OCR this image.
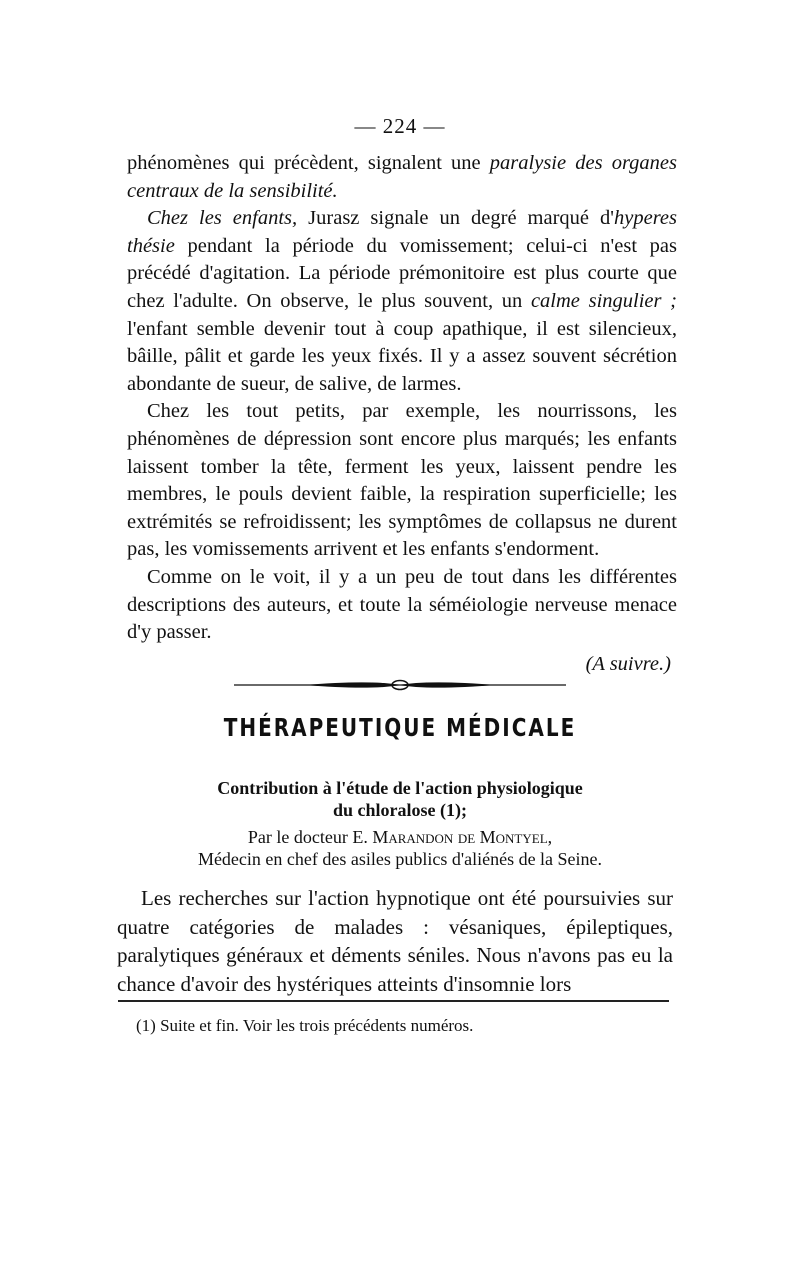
— 224 —

phénomènes qui précèdent, signalent une paralysie des organes centraux de la sensibilité.

Chez les enfants, Jurasz signale un degré marqué d'hyperes thésie pendant la période du vomissement; celui-ci n'est pas précédé d'agitation. La période prémonitoire est plus courte que chez l'adulte. On observe, le plus souvent, un calme singulier ; l'enfant semble devenir tout à coup apathique, il est silencieux, bâille, pâlit et garde les yeux fixés. Il y a assez souvent sécrétion abondante de sueur, de salive, de larmes.

Chez les tout petits, par exemple, les nourrissons, les phénomènes de dépression sont encore plus marqués; les enfants laissent tomber la tête, ferment les yeux, laissent pendre les membres, le pouls devient faible, la respiration superficielle; les extrémités se refroidissent; les symptômes de collapsus ne durent pas, les vomissements arrivent et les enfants s'endorment.

Comme on le voit, il y a un peu de tout dans les différentes descriptions des auteurs, et toute la séméiologie nerveuse menace d'y passer.

(A suivre.)

THÉRAPEUTIQUE MÉDICALE
Contribution à l'étude de l'action physiologique
du chloralose (1);
Par le docteur E. Marandon de Montyel,
Médecin en chef des asiles publics d'aliénés de la Seine.

Les recherches sur l'action hypnotique ont été poursuivies sur quatre catégories de malades : vésaniques, épileptiques, paralytiques généraux et déments séniles. Nous n'avons pas eu la chance d'avoir des hystériques atteints d'insomnie lors

(1) Suite et fin. Voir les trois précédents numéros.
